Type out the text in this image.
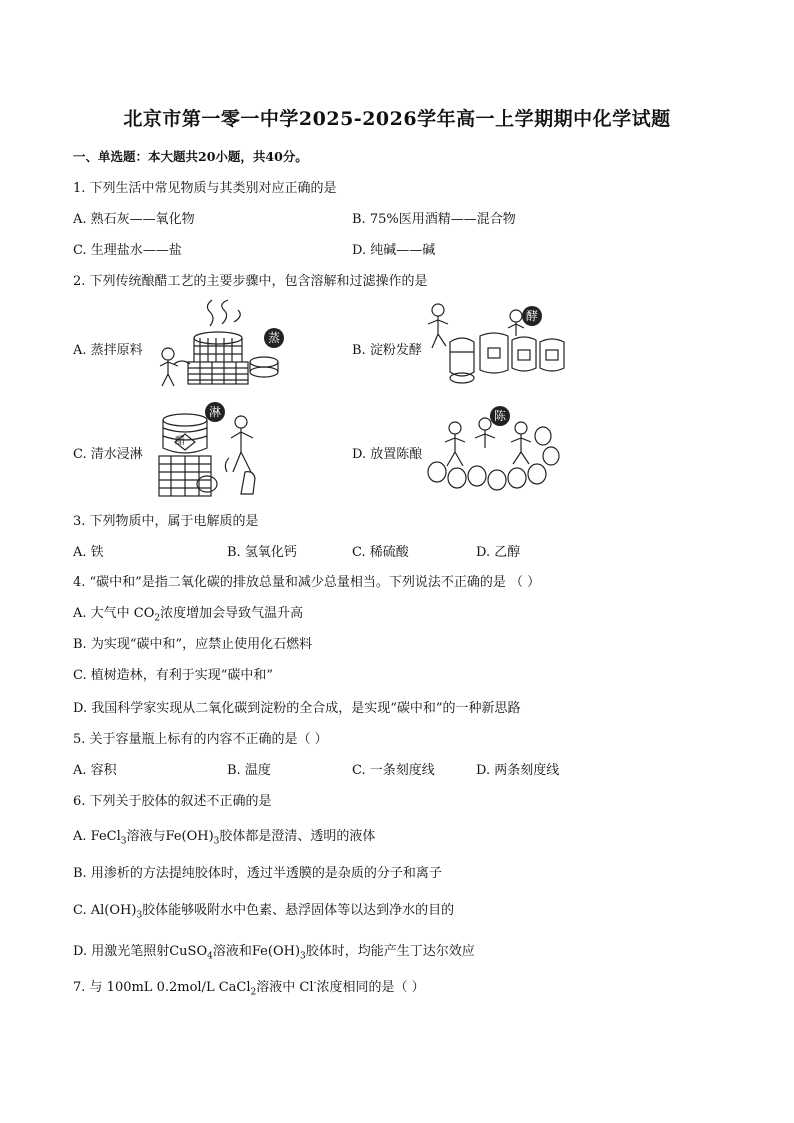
北京市第一零一中学2025-2026学年高一上学期期中化学试题
一、单选题：本大题共20小题，共40分。
1. 下列生活中常见物质与其类别对应正确的是
A. 熟石灰——氧化物	B. 75%医用酒精——混合物
C. 生理盐水——盐	D. 纯碱——碱
2. 下列传统酿醋工艺的主要步骤中，包含溶解和过滤操作的是
A. 蒸拌原料	B. 淀粉发酵
C. 清水浸淋	D. 放置陈酿
蒸
酵
淋
醋
陈
3. 下列物质中，属于电解质的是
A. 铁	B. 氢氧化钙	C. 稀硫酸	D. 乙醇
4. “碳中和”是指二氧化碳的排放总量和减少总量相当。下列说法不正确的是 （ ）
A. 大气中 $CO_2$浓度增加会导致气温升高
B. 为实现“碳中和”，应禁止使用化石燃料
C. 植树造林，有利于实现“碳中和”
D. 我国科学家实现从二氧化碳到淀粉的全合成，是实现“碳中和”的一种新思路
5. 关于容量瓶上标有的内容不正确的是（ ）
A. 容积	B. 温度	C. 一条刻度线	D. 两条刻度线
6. 下列关于胶体的叙述不正确的是
A. FeCl$_3$溶液与$Fe(OH)_3$胶体都是澄清、透明的液体
B. 用渗析的方法提纯胶体时，透过半透膜的是杂质的分子和离子
C. $Al(OH)_3$胶体能够吸附水中色素、悬浮固体等以达到净水的目的
D. 用激光笔照射CuSO$_4$溶液和$Fe(OH)_3$胶体时，均能产生丁达尔效应
7. 与 100mL 0.2mol/L CaCl$_2$溶液中 Cl-浓度相同的是（ ）
